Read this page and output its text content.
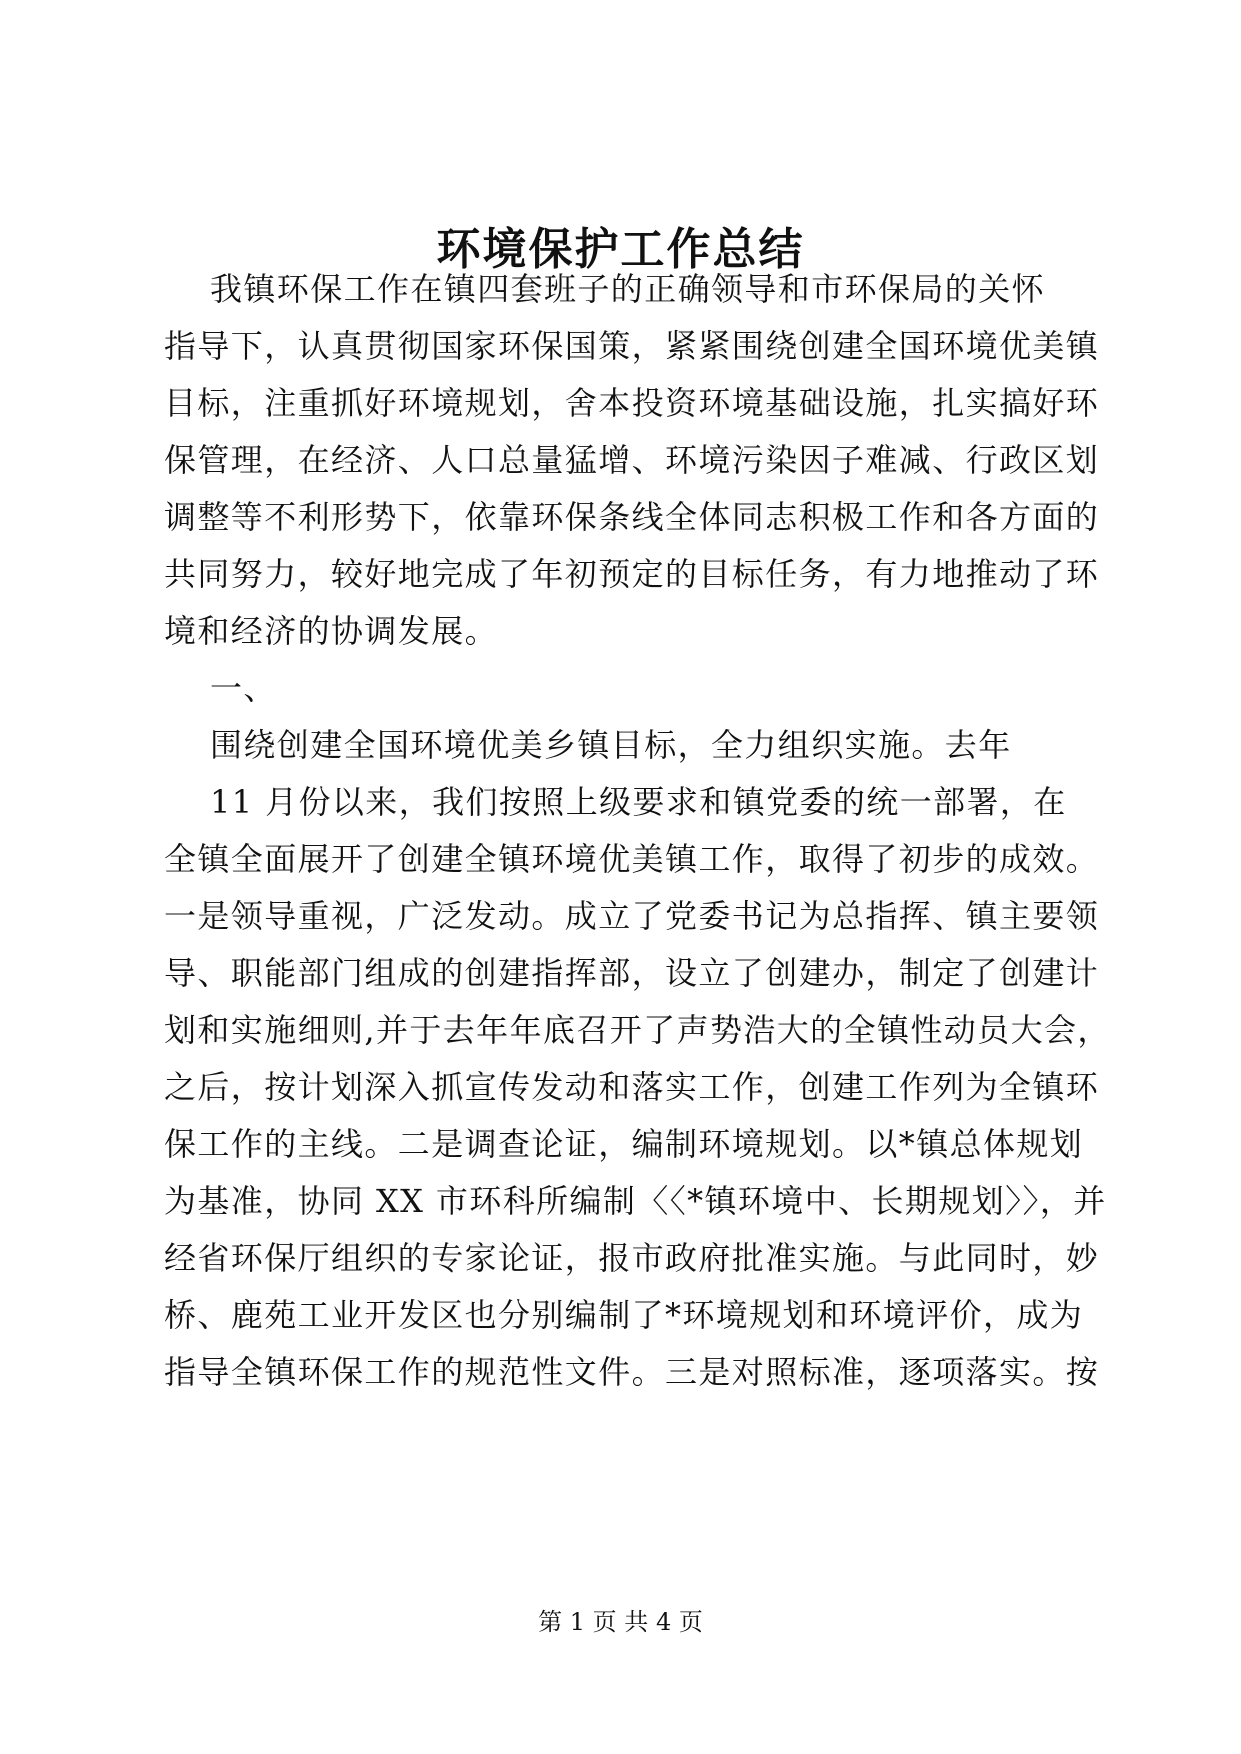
环境保护工作总结
我镇环保工作在镇四套班子的正确领导和市环保局的关怀
指导下，认真贯彻国家环保国策，紧紧围绕创建全国环境优美镇
目标，注重抓好环境规划，舍本投资环境基础设施，扎实搞好环
保管理，在经济、人口总量猛增、环境污染因子难减、行政区划
调整等不利形势下，依靠环保条线全体同志积极工作和各方面的
共同努力，较好地完成了年初预定的目标任务，有力地推动了环
境和经济的协调发展。
一、
围绕创建全国环境优美乡镇目标，全力组织实施。去年
11 月份以来，我们按照上级要求和镇党委的统一部署，在
全镇全面展开了创建全镇环境优美镇工作，取得了初步的成效。
一是领导重视，广泛发动。成立了党委书记为总指挥、镇主要领
导、职能部门组成的创建指挥部，设立了创建办，制定了创建计
划和实施细则,并于去年年底召开了声势浩大的全镇性动员大会，
之后，按计划深入抓宣传发动和落实工作，创建工作列为全镇环
保工作的主线。二是调查论证，编制环境规划。以*镇总体规划
为基准，协同 XX 市环科所编制〈〈*镇环境中、长期规划〉〉，并
经省环保厅组织的专家论证，报市政府批准实施。与此同时，妙
桥、鹿苑工业开发区也分别编制了*环境规划和环境评价，成为
指导全镇环保工作的规范性文件。三是对照标准，逐项落实。按
第 1 页 共 4 页
